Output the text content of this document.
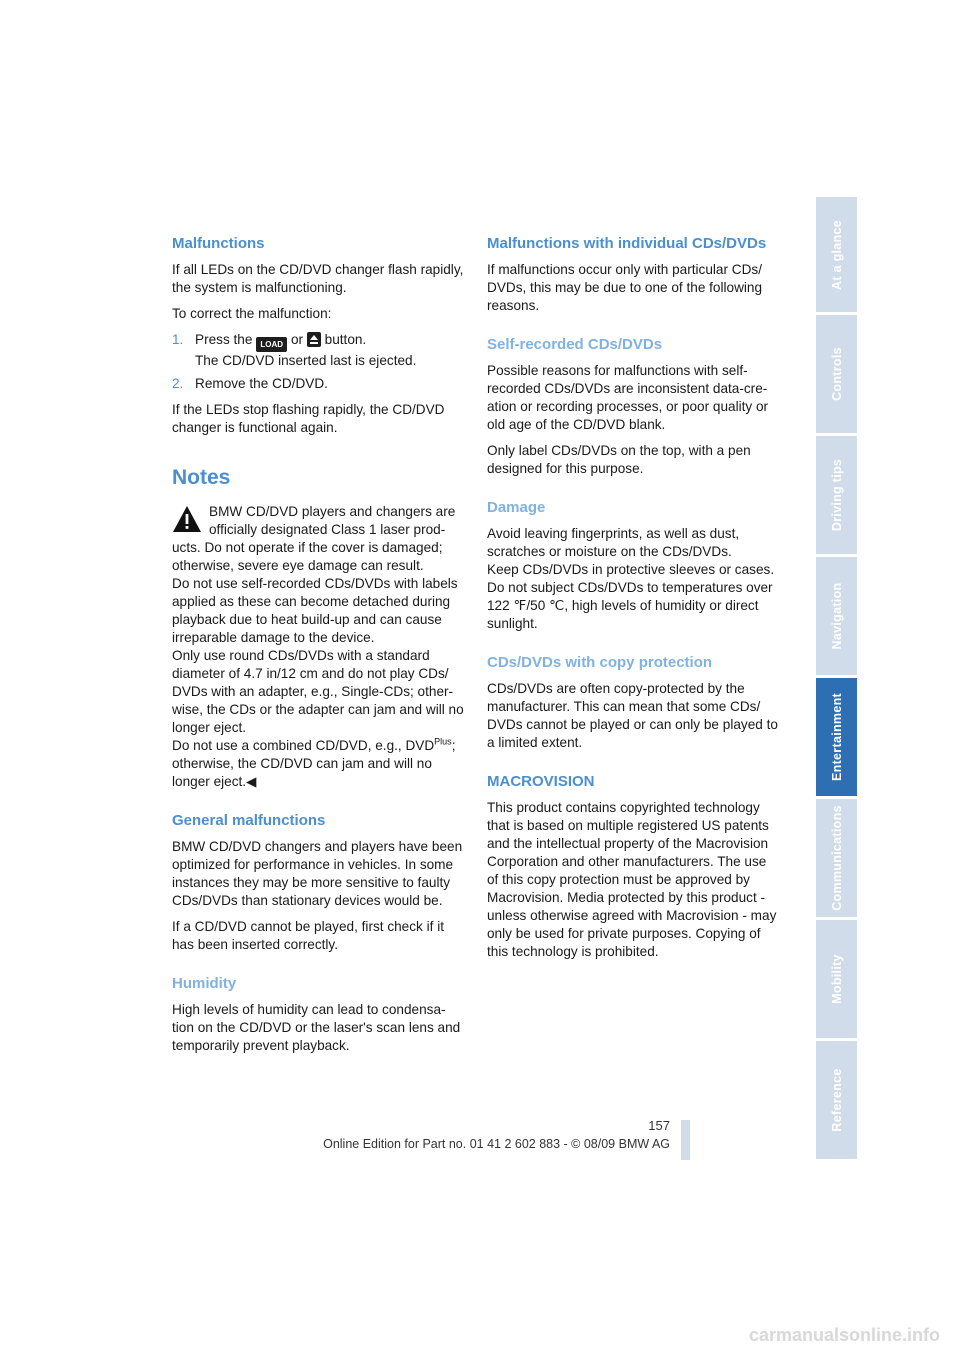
Malfunctions

If all LEDs on the CD/DVD changer flash rapidly, the system is malfunctioning.

To correct the malfunction:

1. Press the LOAD or button.
The CD/DVD inserted last is ejected.
2. Remove the CD/DVD.

If the LEDs stop flashing rapidly, the CD/DVD changer is functional again.

Notes
BMW CD/DVD players and changers are
officially designated Class 1 laser prod-
ucts. Do not operate if the cover is damaged; otherwise, severe eye damage can result.
Do not use self-recorded CDs/DVDs with labels applied as these can become detached during playback due to heat build-up and can cause irreparable damage to the device.
Only use round CDs/DVDs with a standard diameter of 4.7 in/12 cm and do not play CDs/ DVDs with an adapter, e.g., Single-CDs; other- wise, the CDs or the adapter can jam and will no longer eject.
Do not use a combined CD/DVD, e.g., $DVD^{Plus}$; otherwise, the CD/DVD can jam and will no longer eject.◀
General malfunctions

BMW CD/DVD changers and players have been optimized for performance in vehicles. In some instances they may be more sensitive to faulty CDs/DVDs than stationary devices would be.

If a CD/DVD cannot be played, first check if it has been inserted correctly.

Humidity

High levels of humidity can lead to condensa- tion on the CD/DVD or the laser's scan lens and temporarily prevent playback.

Malfunctions with individual CDs/DVDs

If malfunctions occur only with particular CDs/ DVDs, this may be due to one of the following reasons.

Self-recorded CDs/DVDs

Possible reasons for malfunctions with self- recorded CDs/DVDs are inconsistent data-cre- ation or recording processes, or poor quality or old age of the CD/DVD blank.

Only label CDs/DVDs on the top, with a pen designed for this purpose.

Damage

Avoid leaving fingerprints, as well as dust, scratches or moisture on the CDs/DVDs.
Keep CDs/DVDs in protective sleeves or cases.
Do not subject CDs/DVDs to temperatures over 122 ℉/50 ℃, high levels of humidity or direct sunlight.

CDs/DVDs with copy protection

CDs/DVDs are often copy-protected by the manufacturer. This can mean that some CDs/ DVDs cannot be played or can only be played to a limited extent.

MACROVISION

This product contains copyrighted technology that is based on multiple registered US patents and the intellectual property of the Macrovision Corporation and other manufacturers. The use of this copy protection must be approved by Macrovision. Media protected by this product - unless otherwise agreed with Macrovision - may only be used for private purposes. Copying of this technology is prohibited.

At a glance
Controls
Driving tips
Navigation
Entertainment
Communications
Mobility
Reference
157
Online Edition for Part no. 01 41 2 602 883 - © 08/09 BMW AG
carmanualsonline.info
